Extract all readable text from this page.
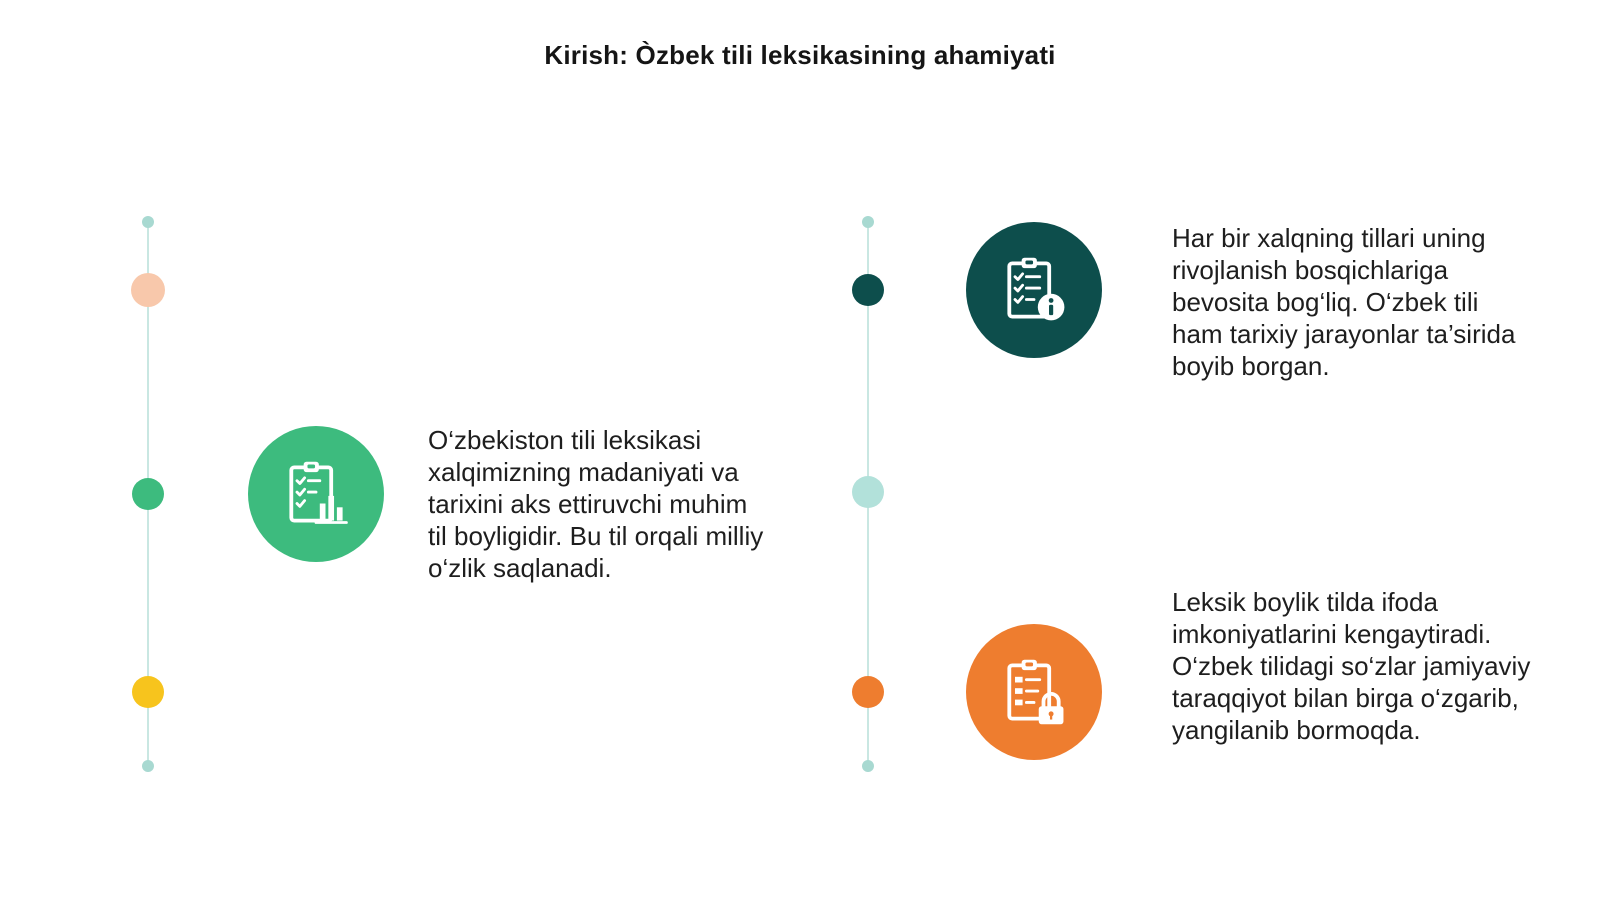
Kirish: Òzbek tili leksikasining ahamiyati
O‘zbekiston tili leksikasi xalqimizning madaniyati va tarixini aks ettiruvchi muhim til boyligidir. Bu til orqali milliy o‘zlik saqlanadi.
Har bir xalqning tillari uning rivojlanish bosqichlariga bevosita bog‘liq. O‘zbek tili ham tarixiy jarayonlar ta’sirida boyib borgan.
Leksik boylik tilda ifoda imkoniyatlarini kengaytiradi. O‘zbek tilidagi so‘zlar jamiyaviy taraqqiyot bilan birga o‘zgarib, yangilanib bormoqda.
